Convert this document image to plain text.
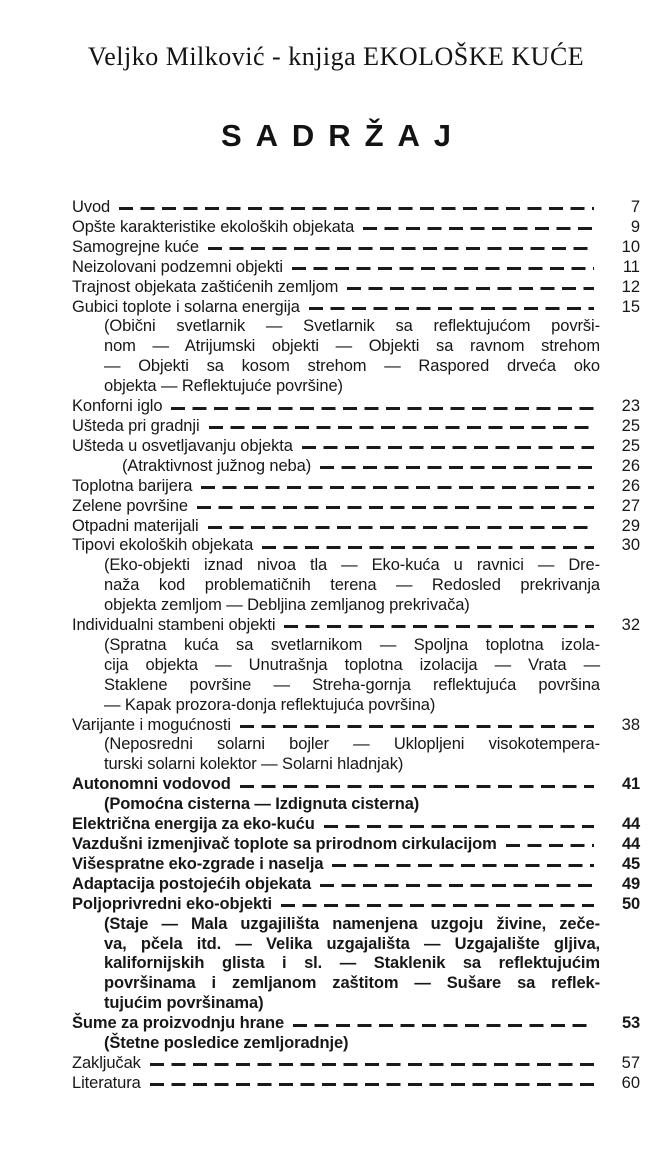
Veljko Milković - knjiga EKOLOŠKE KUĆE
SADRŽAJ
Uvod	7
Opšte karakteristike ekoloških objekata	9
Samogrejne kuće	10
Neizolovani podzemni objekti	11
Trajnost objekata zaštićenih zemljom	12
Gubici toplote i solarna energija	15
(Obični svetlarnik — Svetlarnik sa reflektujućom površi-
nom — Atrijumski objekti — Objekti sa ravnom strehom
— Objekti sa kosom strehom — Raspored drveća oko
objekta — Reflektujuće površine)
Konforni iglo	23
Ušteda pri gradnji	25
Ušteda u osvetljavanju objekta	25
(Atraktivnost južnog neba)	26
Toplotna barijera	26
Zelene površine	27
Otpadni materijali	29
Tipovi ekoloških objekata	30
(Eko-objekti iznad nivoa tla — Eko-kuća u ravnici — Dre-
naža kod problematičnih terena — Redosled prekrivanja
objekta zemljom — Debljina zemljanog prekrivača)
Individualni stambeni objekti	32
(Spratna kuća sa svetlarnikom — Spoljna toplotna izola-
cija objekta — Unutrašnja toplotna izolacija — Vrata —
Staklene površine — Streha-gornja reflektujuća površina
— Kapak prozora-donja reflektujuća površina)
Varijante i mogućnosti	38
(Neposredni solarni bojler — Uklopljeni visokotempera-
turski solarni kolektor — Solarni hladnjak)
Autonomni vodovod	41
(Pomoćna cisterna — Izdignuta cisterna)
Električna energija za eko-kuću	44
Vazdušni izmenjivač toplote sa prirodnom cirkulacijom	44
Višespratne eko-zgrade i naselja	45
Adaptacija postojećih objekata	49
Poljoprivredni eko-objekti	50
(Staje — Mala uzgajilišta namenjena uzgoju živine, zeče-
va, pčela itd. — Velika uzgajališta — Uzgajalište gljiva,
kalifornijskih glista i sl. — Staklenik sa reflektujućim
površinama i zemljanom zaštitom — Sušare sa reflek-
tujućim površinama)
Šume za proizvodnju hrane	53
(Štetne posledice zemljoradnje)
Zaključak	57
Literatura	60
